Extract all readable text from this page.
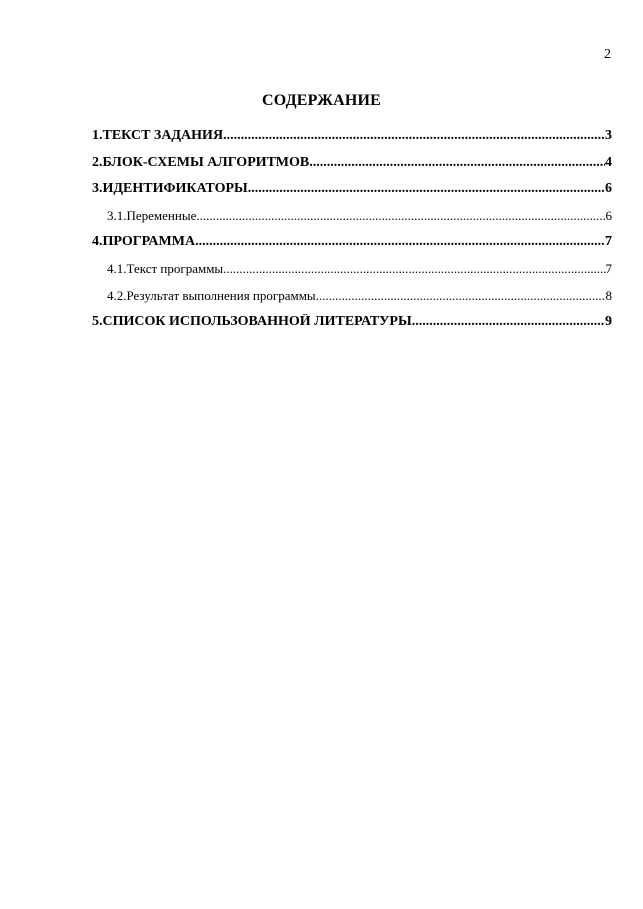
2
СОДЕРЖАНИЕ
1.ТЕКСТ ЗАДАНИЯ .....	3
2.БЛОК-СХЕМЫ АЛГОРИТМОВ .....	4
3.ИДЕНТИФИКАТОРЫ .....	6
3.1.Переменные .....	6
4.ПРОГРАММА .....	7
4.1.Текст программы .....	7
4.2.Результат выполнения программы .....	8
5.СПИСОК ИСПОЛЬЗОВАННОЙ ЛИТЕРАТУРЫ .....	9
